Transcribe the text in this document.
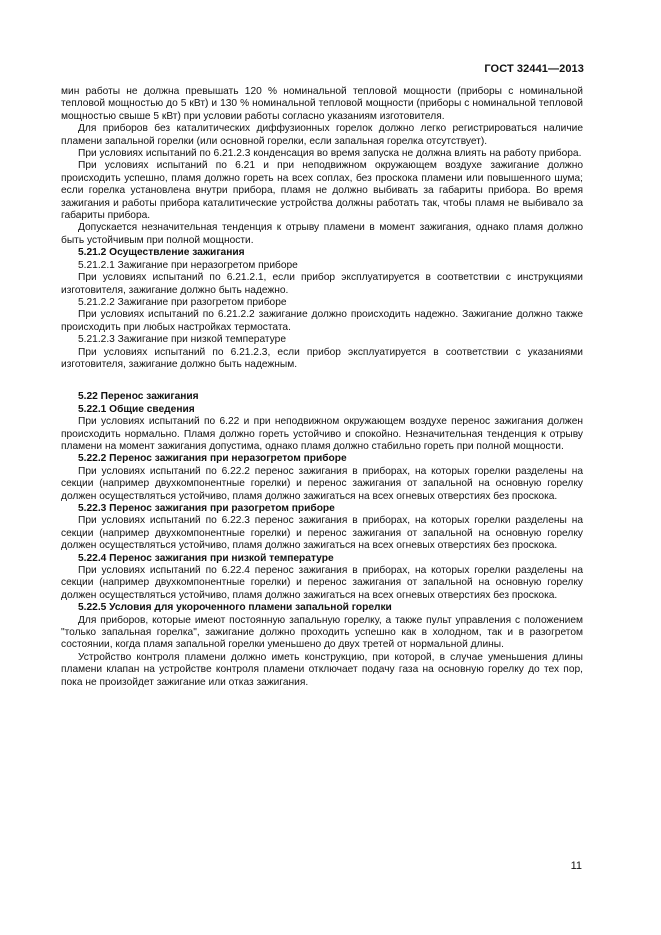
ГОСТ 32441—2013

мин работы не должна превышать 120 % номинальной тепловой мощности (приборы с номинальной тепловой мощностью до 5 кВт) и 130 % номинальной тепловой мощности (приборы с номинальной тепловой мощностью свыше 5 кВт) при условии работы согласно указаниям изготовителя.

Для приборов без каталитических диффузионных горелок должно легко регистрироваться наличие пламени запальной горелки (или основной горелки, если запальная горелка отсутствует).

При условиях испытаний по 6.21.2.3 конденсация во время запуска не должна влиять на работу прибора.

При условиях испытаний по 6.21 и при неподвижном окружающем воздухе зажигание должно происходить успешно, пламя должно гореть на всех соплах, без проскока пламени или повышенного шума; если горелка установлена внутри прибора, пламя не должно выбивать за габариты прибора. Во время зажигания и работы прибора каталитические устройства должны работать так, чтобы пламя не выбивало за габариты прибора.

Допускается незначительная тенденция к отрыву пламени в момент зажигания, однако пламя должно быть устойчивым при полной мощности.

5.21.2 Осуществление зажигания

5.21.2.1 Зажигание при неразогретом приборе

При условиях испытаний по 6.21.2.1, если прибор эксплуатируется в соответствии с инструкциями изготовителя, зажигание должно быть надежно.

5.21.2.2 Зажигание при разогретом приборе

При условиях испытаний по 6.21.2.2 зажигание должно происходить надежно. Зажигание должно также происходить при любых настройках термостата.

5.21.2.3 Зажигание при низкой температуре

При условиях испытаний по 6.21.2.3, если прибор эксплуатируется в соответствии с указаниями изготовителя, зажигание должно быть надежным.

5.22 Перенос зажигания

5.22.1 Общие сведения

При условиях испытаний по 6.22 и при неподвижном окружающем воздухе перенос зажигания должен происходить нормально. Пламя должно гореть устойчиво и спокойно. Незначительная тенденция к отрыву пламени на момент зажигания допустима, однако пламя должно стабильно гореть при полной мощности.

5.22.2 Перенос зажигания при неразогретом приборе

При условиях испытаний по 6.22.2 перенос зажигания в приборах, на которых горелки разделены на секции (например двухкомпонентные горелки) и перенос зажигания от запальной на основную горелку должен осуществляться устойчиво, пламя должно зажигаться на всех огневых отверстиях без проскока.

5.22.3 Перенос зажигания при разогретом приборе

При условиях испытаний по 6.22.3 перенос зажигания в приборах, на которых горелки разделены на секции (например двухкомпонентные горелки) и перенос зажигания от запальной на основную горелку должен осуществляться устойчиво, пламя должно зажигаться на всех огневых отверстиях без проскока.

5.22.4 Перенос зажигания при низкой температуре

При условиях испытаний по 6.22.4 перенос зажигания в приборах, на которых горелки разделены на секции (например двухкомпонентные горелки) и перенос зажигания от запальной на основную горелку должен осуществляться устойчиво, пламя должно зажигаться на всех огневых отверстиях без проскока.

5.22.5 Условия для укороченного пламени запальной горелки

Для приборов, которые имеют постоянную запальную горелку, а также пульт управления с положением "только запальная горелка", зажигание должно проходить успешно как в холодном, так и в разогретом состоянии, когда пламя запальной горелки уменьшено до двух третей от нормальной длины.

Устройство контроля пламени должно иметь конструкцию, при которой, в случае уменьшения длины пламени клапан на устройстве контроля пламени отключает подачу газа на основную горелку до тех пор, пока не произойдет зажигание или отказ зажигания.

11
